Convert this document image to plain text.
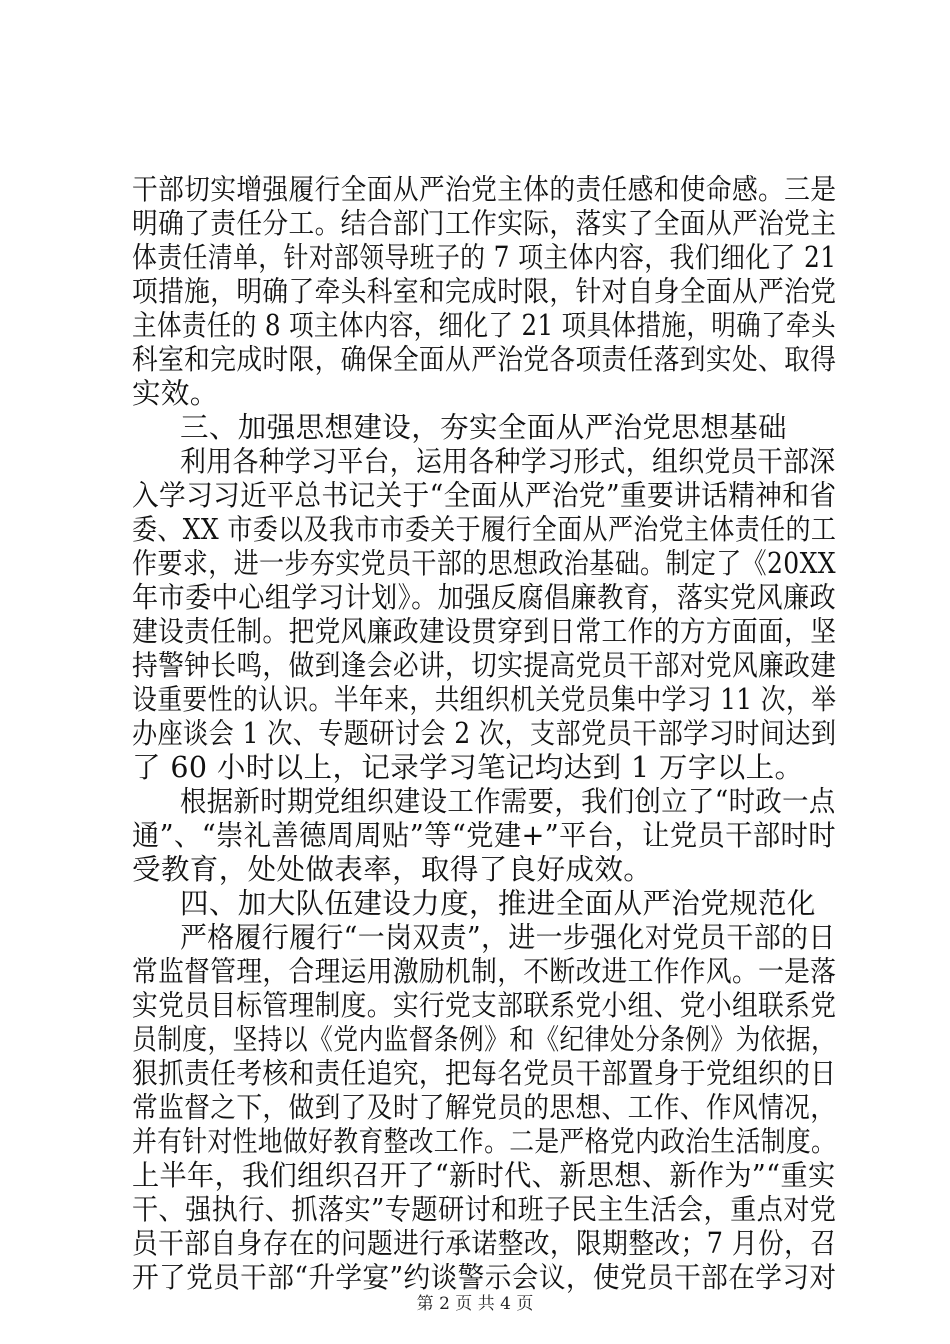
干部切实增强履行全面从严治党主体的责任感和使命感。三是
明确了责任分工。结合部门工作实际，落实了全面从严治党主
体责任清单，针对部领导班子的 7 项主体内容，我们细化了 21
项措施，明确了牵头科室和完成时限，针对自身全面从严治党
主体责任的 8 项主体内容，细化了 21 项具体措施，明确了牵头
科室和完成时限，确保全面从严治党各项责任落到实处、取得
实效。
三、加强思想建设，夯实全面从严治党思想基础
利用各种学习平台，运用各种学习形式，组织党员干部深
入学习习近平总书记关于“全面从严治党”重要讲话精神和省
委、XX 市委以及我市市委关于履行全面从严治党主体责任的工
作要求，进一步夯实党员干部的思想政治基础。制定了《20XX
年市委中心组学习计划》。加强反腐倡廉教育，落实党风廉政
建设责任制。把党风廉政建设贯穿到日常工作的方方面面，坚
持警钟长鸣，做到逢会必讲，切实提高党员干部对党风廉政建
设重要性的认识。半年来，共组织机关党员集中学习 11 次，举
办座谈会 1 次、专题研讨会 2 次，支部党员干部学习时间达到
了 60 小时以上，记录学习笔记均达到 1 万字以上。
根据新时期党组织建设工作需要，我们创立了“时政一点
通”、“崇礼善德周周贴”等“党建+”平台，让党员干部时时
受教育，处处做表率，取得了良好成效。
四、加大队伍建设力度，推进全面从严治党规范化
严格履行履行“一岗双责”，进一步强化对党员干部的日
常监督管理，合理运用激励机制，不断改进工作作风。一是落
实党员目标管理制度。实行党支部联系党小组、党小组联系党
员制度，坚持以《党内监督条例》和《纪律处分条例》为依据，
狠抓责任考核和责任追究，把每名党员干部置身于党组织的日
常监督之下，做到了及时了解党员的思想、工作、作风情况，
并有针对性地做好教育整改工作。二是严格党内政治生活制度。
上半年，我们组织召开了“新时代、新思想、新作为”“重实
干、强执行、抓落实”专题研讨和班子民主生活会，重点对党
员干部自身存在的问题进行承诺整改，限期整改；7 月份，召
开了党员干部“升学宴”约谈警示会议，使党员干部在学习对
第 2 页 共 4 页
